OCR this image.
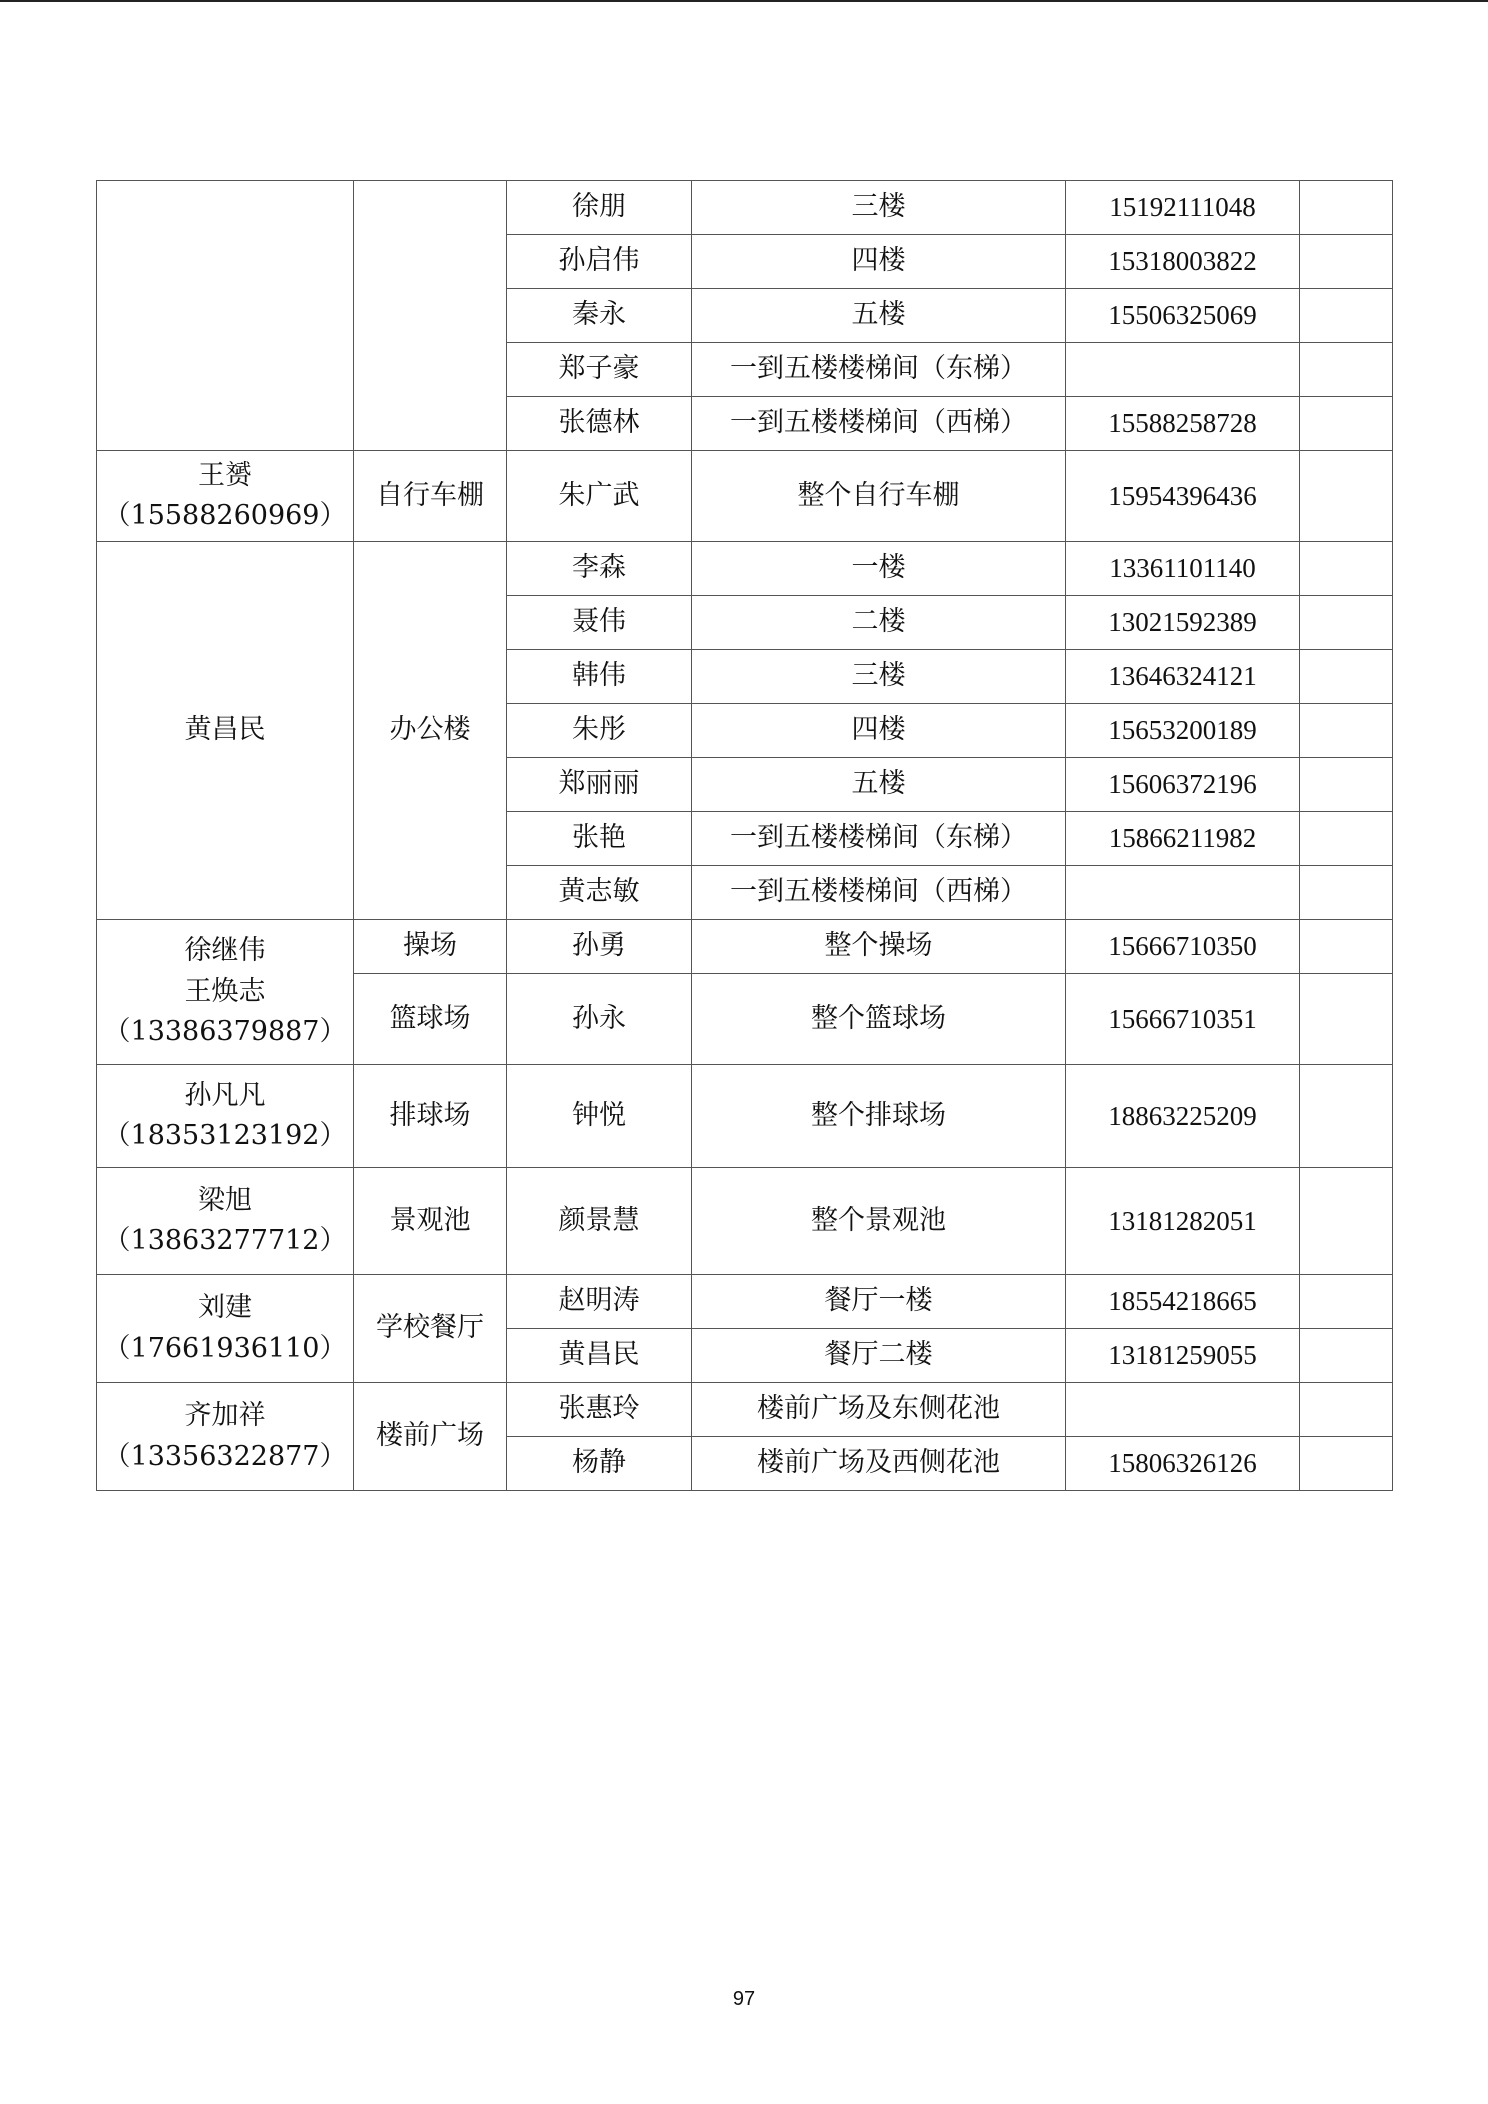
		徐朋	三楼	15192111048	
		孙启伟	四楼	15318003822	
		秦永	五楼	15506325069	
		郑子豪	一到五楼楼梯间（东梯）		
		张德林	一到五楼楼梯间（西梯）	15588258728	

王赟
（15588260969）	自行车棚	朱广武	整个自行车棚	15954396436	

黄昌民	办公楼	李森	一楼	13361101140	
		聂伟	二楼	13021592389	
		韩伟	三楼	13646324121	
		朱彤	四楼	15653200189	
		郑丽丽	五楼	15606372196	
		张艳	一到五楼楼梯间（东梯）	15866211982	
		黄志敏	一到五楼楼梯间（西梯）		

徐继伟
王焕志
（13386379887）	操场	孙勇	整个操场	15666710350	
	篮球场	孙永	整个篮球场	15666710351	

孙凡凡
（18353123192）	排球场	钟悦	整个排球场	18863225209	

梁旭
（13863277712）	景观池	颜景慧	整个景观池	13181282051	

刘建
（17661936110）	学校餐厅	赵明涛	餐厅一楼	18554218665	
		黄昌民	餐厅二楼	13181259055	

齐加祥
（13356322877）	楼前广场	张惠玲	楼前广场及东侧花池		
		杨静	楼前广场及西侧花池	15806326126	
97
